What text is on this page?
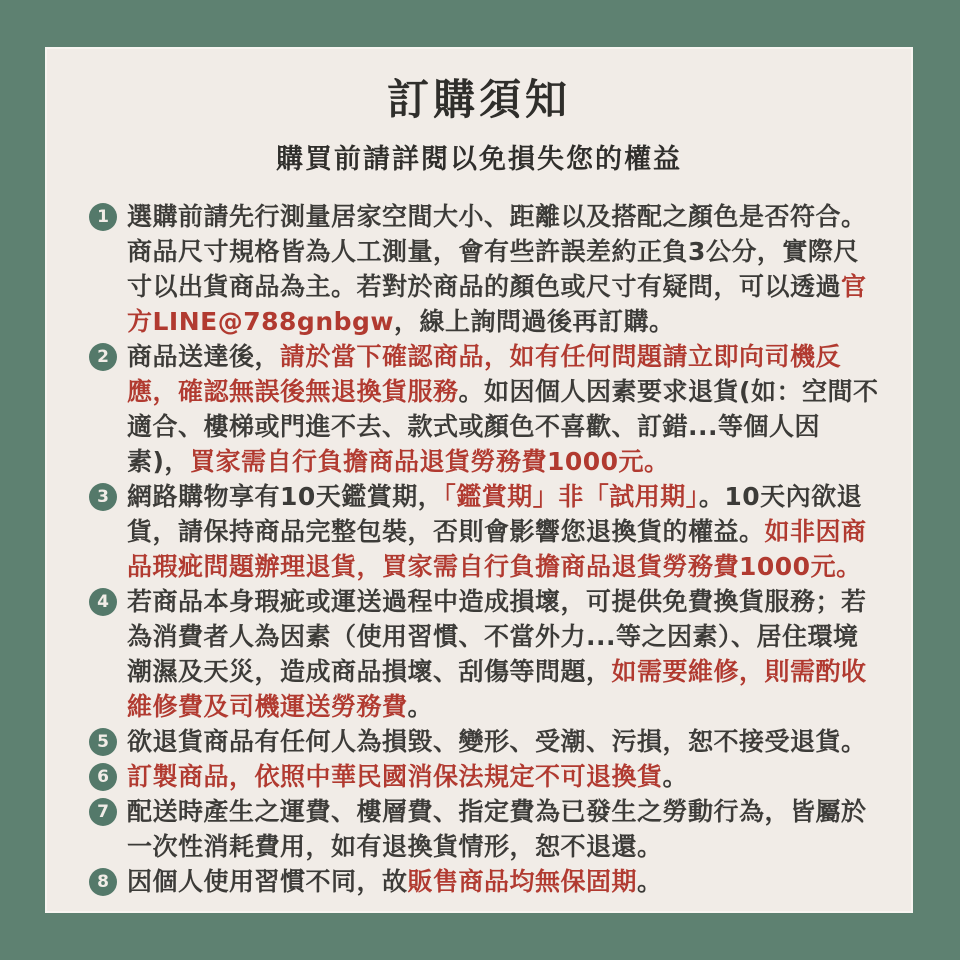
訂購須知
購買前請詳閱以免損失您的權益
1 選購前請先行測量居家空間大小、距離以及搭配之顏色是否符合。商品尺寸規格皆為人工測量，會有些許誤差約正負3公分，實際尺寸以出貨商品為主。若對於商品的顏色或尺寸有疑問，可以透過官方LINE@788gnbgw，線上詢問過後再訂購。

2 商品送達後，請於當下確認商品，如有任何問題請立即向司機反應，確認無誤後無退換貨服務。如因個人因素要求退貨(如：空間不適合、樓梯或門進不去、款式或顏色不喜歡、訂錯...等個人因素)，買家需自行負擔商品退貨勞務費1000元。

3 網路購物享有10天鑑賞期，「鑑賞期」非「試用期」。10天內欲退貨，請保持商品完整包裝，否則會影響您退換貨的權益。如非因商品瑕疵問題辦理退貨，買家需自行負擔商品退貨勞務費1000元。

4 若商品本身瑕疵或運送過程中造成損壞，可提供免費換貨服務；若為消費者人為因素（使用習慣、不當外力...等之因素）、居住環境潮濕及天災，造成商品損壞、刮傷等問題，如需要維修，則需酌收維修費及司機運送勞務費。

5 欲退貨商品有任何人為損毀、變形、受潮、污損，恕不接受退貨。

6 訂製商品，依照中華民國消保法規定不可退換貨。

7 配送時產生之運費、樓層費、指定費為已發生之勞動行為，皆屬於一次性消耗費用，如有退換貨情形，恕不退還。

8 因個人使用習慣不同，故販售商品均無保固期。
